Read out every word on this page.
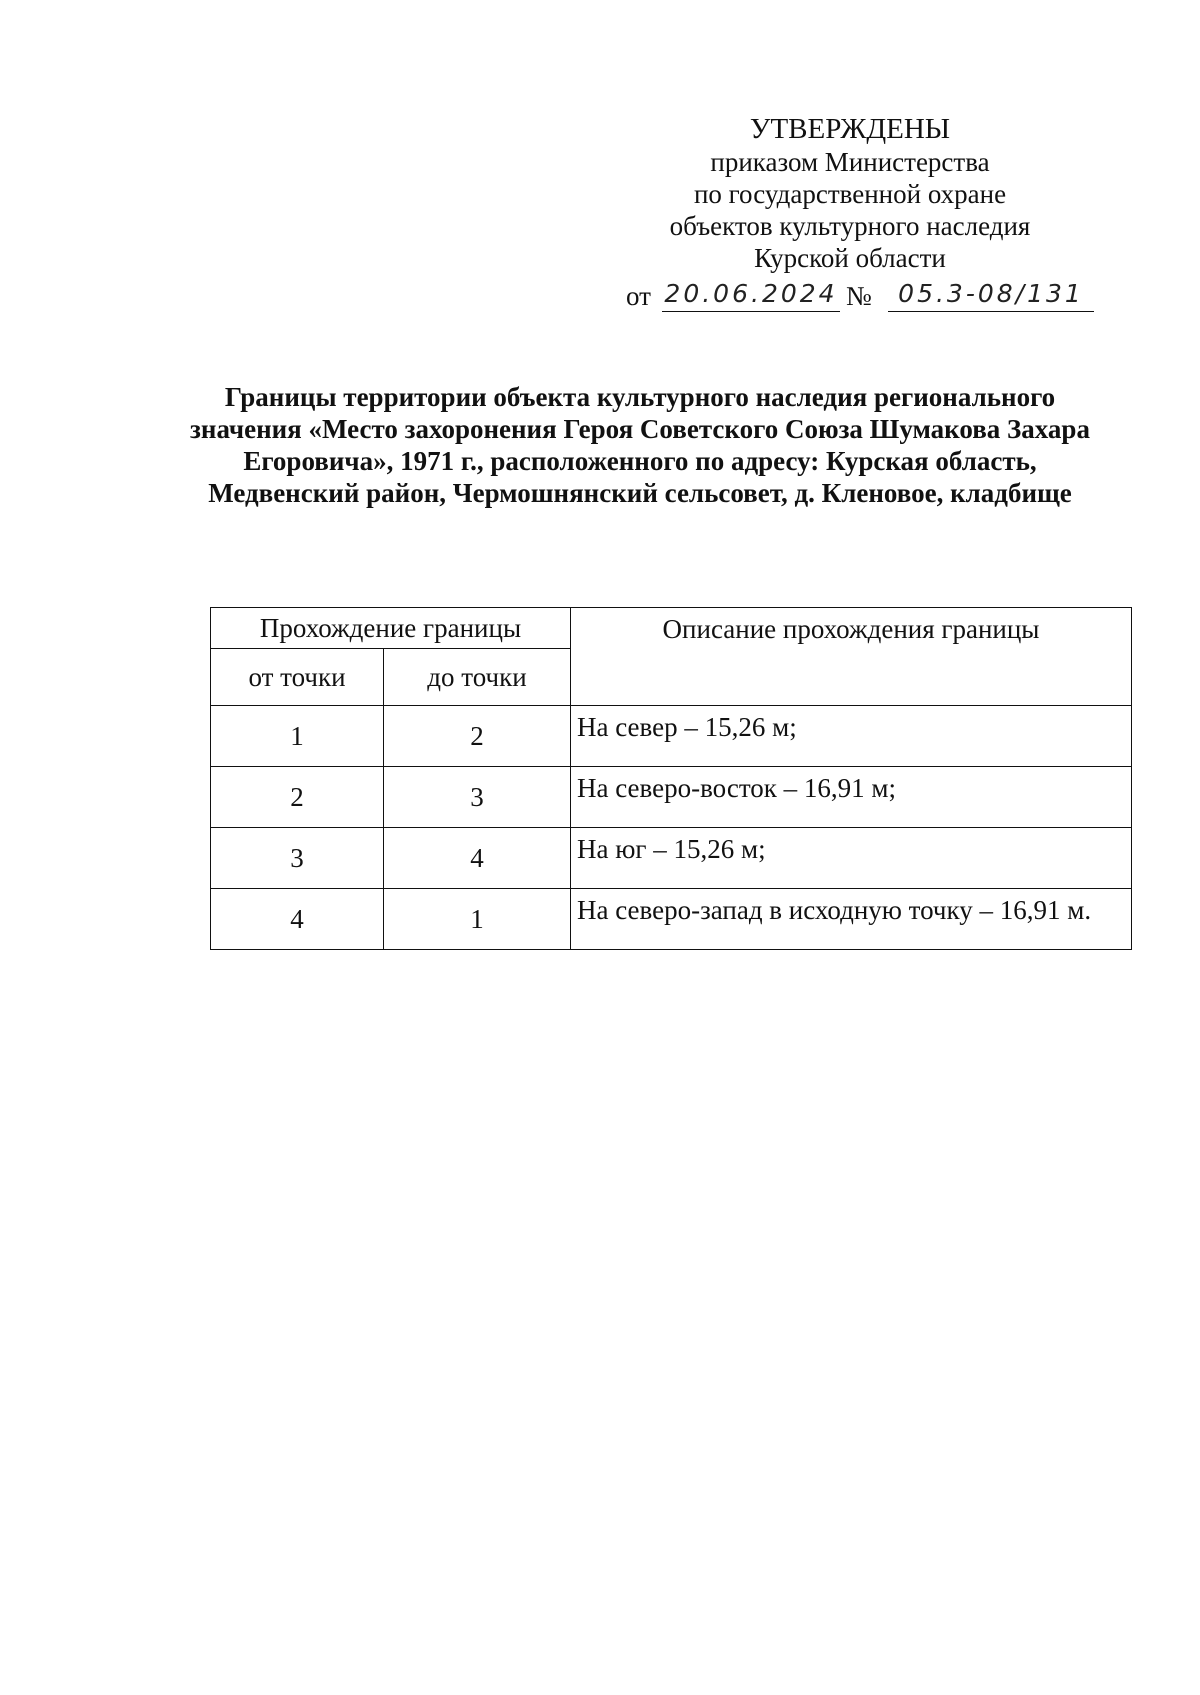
УТВЕРЖДЕНЫ
приказом Министерства
по государственной охране
объектов культурного наследия
Курской области
от 20.06.2024 №	05.3-08/131
Границы территории объекта культурного наследия регионального значения «Место захоронения Героя Советского Союза Шумакова Захара Егоровича», 1971 г., расположенного по адресу: Курская область, Медвенский район, Чермошнянский сельсовет, д. Кленовое, кладбище
Прохождение границы		Описание прохождения границы
от точки	до точки	
1	2	На север – 15,26 м;
2	3	На северо-восток – 16,91 м;
3	4	На юг – 15,26 м;
4	1	На северо-запад в исходную точку – 16,91 м.
